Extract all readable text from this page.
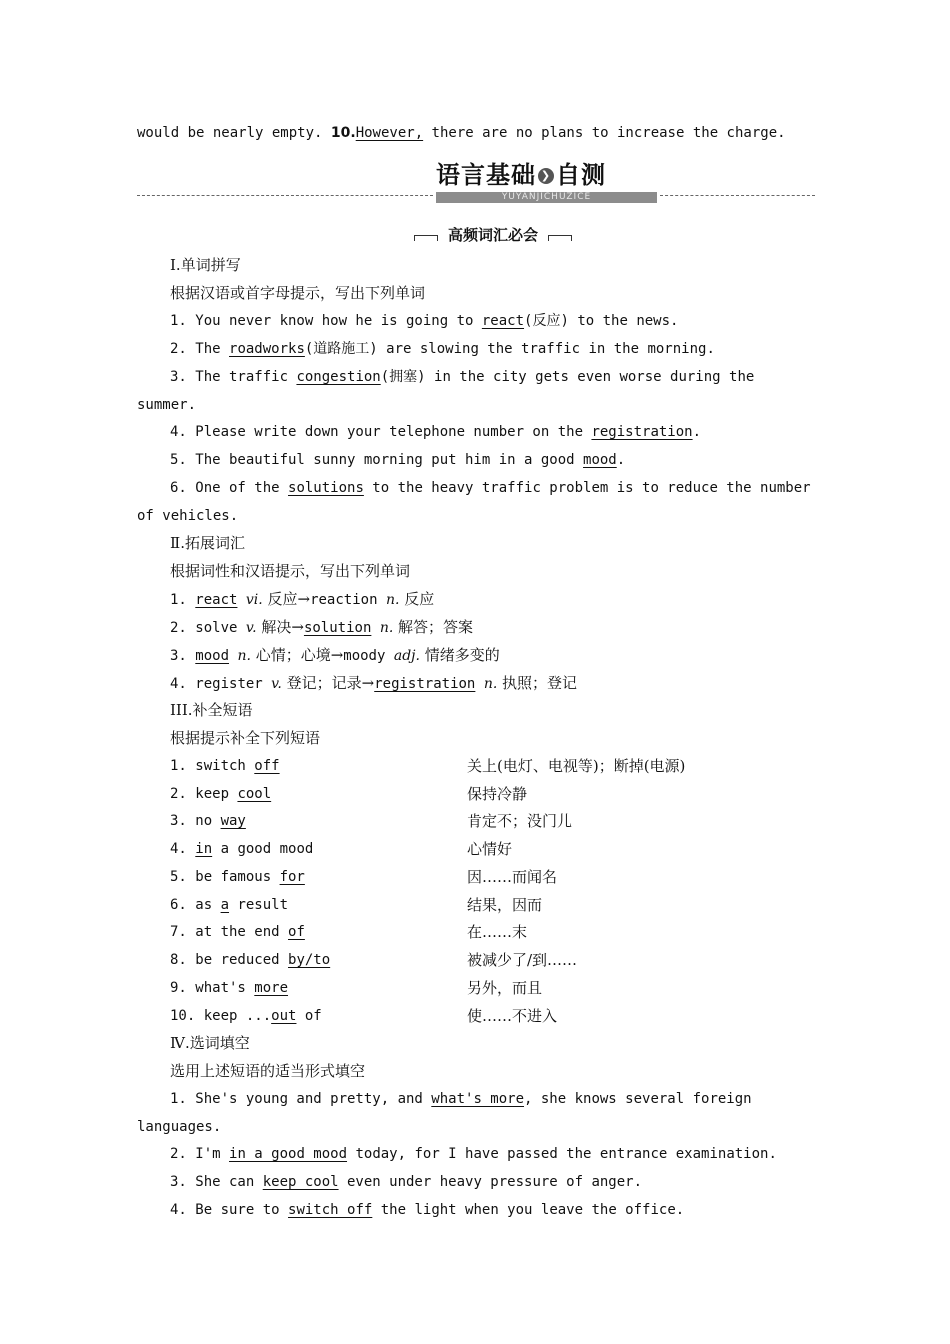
would be nearly empty. 10.However, there are no plans to increase the charge.
语言基础 ❯ 自测
YUYANJICHUZICE
高频词汇必会
Ⅰ.单词拼写
根据汉语或首字母提示，写出下列单词
1. You never know how he is going to react(反应) to the news.
2. The roadworks(道路施工) are slowing the traffic in the morning.
3. The traffic congestion(拥塞) in the city gets even worse during the
summer.
4. Please write down your telephone number on the registration.
5. The beautiful sunny morning put him in a good mood.
6. One of the solutions to the heavy traffic problem is to reduce the number
of vehicles.
Ⅱ.拓展词汇
根据词性和汉语提示，写出下列单词
1. react vi. 反应→reaction n. 反应
2. solve v. 解决→solution n. 解答；答案
3. mood n. 心情；心境→moody adj. 情绪多变的
4. register v. 登记；记录→registration n. 执照；登记
III.补全短语
根据提示补全下列短语
1. switch off	关上(电灯、电视等)；断掉(电源)
2. keep cool	保持冷静
3. no way	肯定不；没门儿
4. in a good mood	心情好
5. be famous for	因……而闻名
6. as a result	结果，因而
7. at the end of	在……末
8. be reduced by/to	被减少了/到……
9. what's more	另外，而且
10. keep ...out of	使……不进入
Ⅳ.选词填空
选用上述短语的适当形式填空
1. She's young and pretty, and what's more, she knows several foreign
languages.
2. I'm in a good mood today, for I have passed the entrance examination.
3. She can keep cool even under heavy pressure of anger.
4. Be sure to switch off the light when you leave the office.
